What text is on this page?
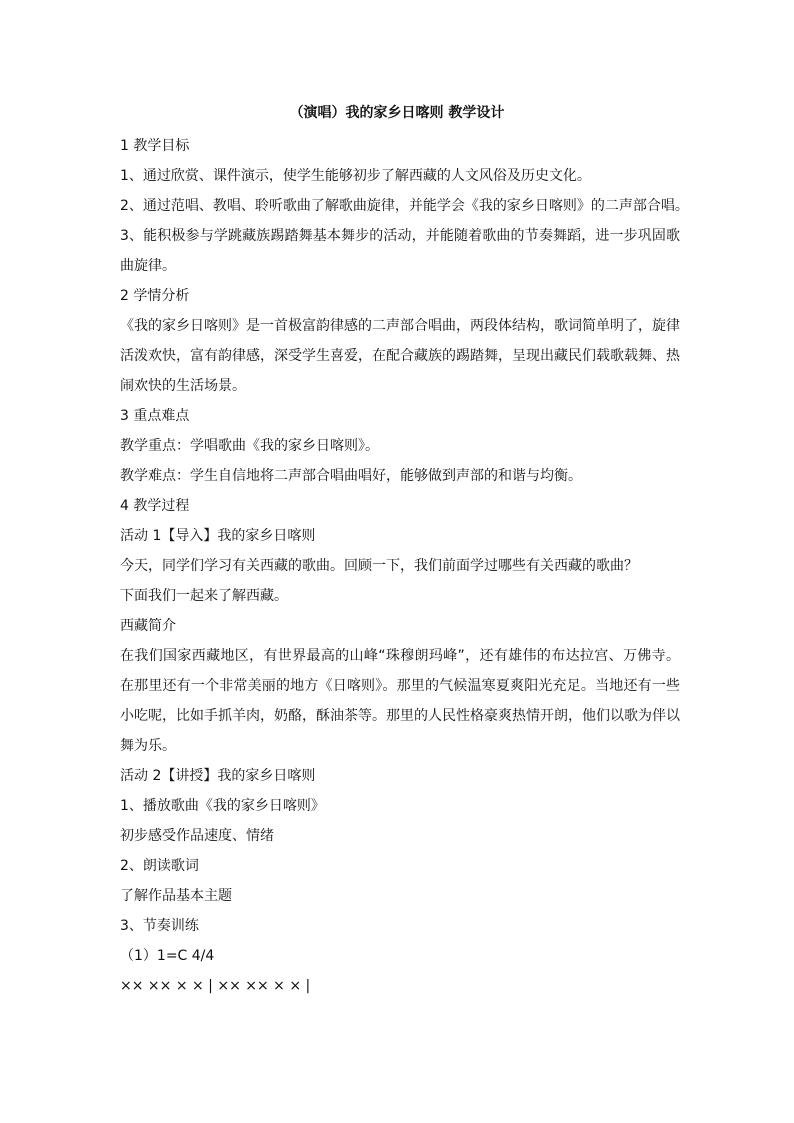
（演唱）我的家乡日喀则 教学设计

1 教学目标

1、通过欣赏、课件演示，使学生能够初步了解西藏的人文风俗及历史文化。

2、通过范唱、教唱、聆听歌曲了解歌曲旋律，并能学会《我的家乡日喀则》的二声部合唱。

3、能积极参与学跳藏族踢踏舞基本舞步的活动，并能随着歌曲的节奏舞蹈，进一步巩固歌曲旋律。

2 学情分析

《我的家乡日喀则》是一首极富韵律感的二声部合唱曲，两段体结构，歌词简单明了，旋律活泼欢快，富有韵律感，深受学生喜爱，在配合藏族的踢踏舞，呈现出藏民们载歌载舞、热闹欢快的生活场景。

3 重点难点

教学重点：学唱歌曲《我的家乡日喀则》。

教学难点：学生自信地将二声部合唱曲唱好，能够做到声部的和谐与均衡。

4 教学过程

活动 1【导入】我的家乡日喀则

今天，同学们学习有关西藏的歌曲。回顾一下，我们前面学过哪些有关西藏的歌曲？

下面我们一起来了解西藏。

西藏简介

在我们国家西藏地区，有世界最高的山峰“珠穆朗玛峰”，还有雄伟的布达拉宫、万佛寺。在那里还有一个非常美丽的地方《日喀则》。那里的气候温寒夏爽阳光充足。当地还有一些小吃呢，比如手抓羊肉，奶酪，酥油茶等。那里的人民性格豪爽热情开朗，他们以歌为伴以舞为乐。

活动 2【讲授】我的家乡日喀则

1、播放歌曲《我的家乡日喀则》

初步感受作品速度、情绪

2、朗读歌词

了解作品基本主题

3、节奏训练

（1）1=C 4/4

×× ×× × × | ×× ×× × × |
